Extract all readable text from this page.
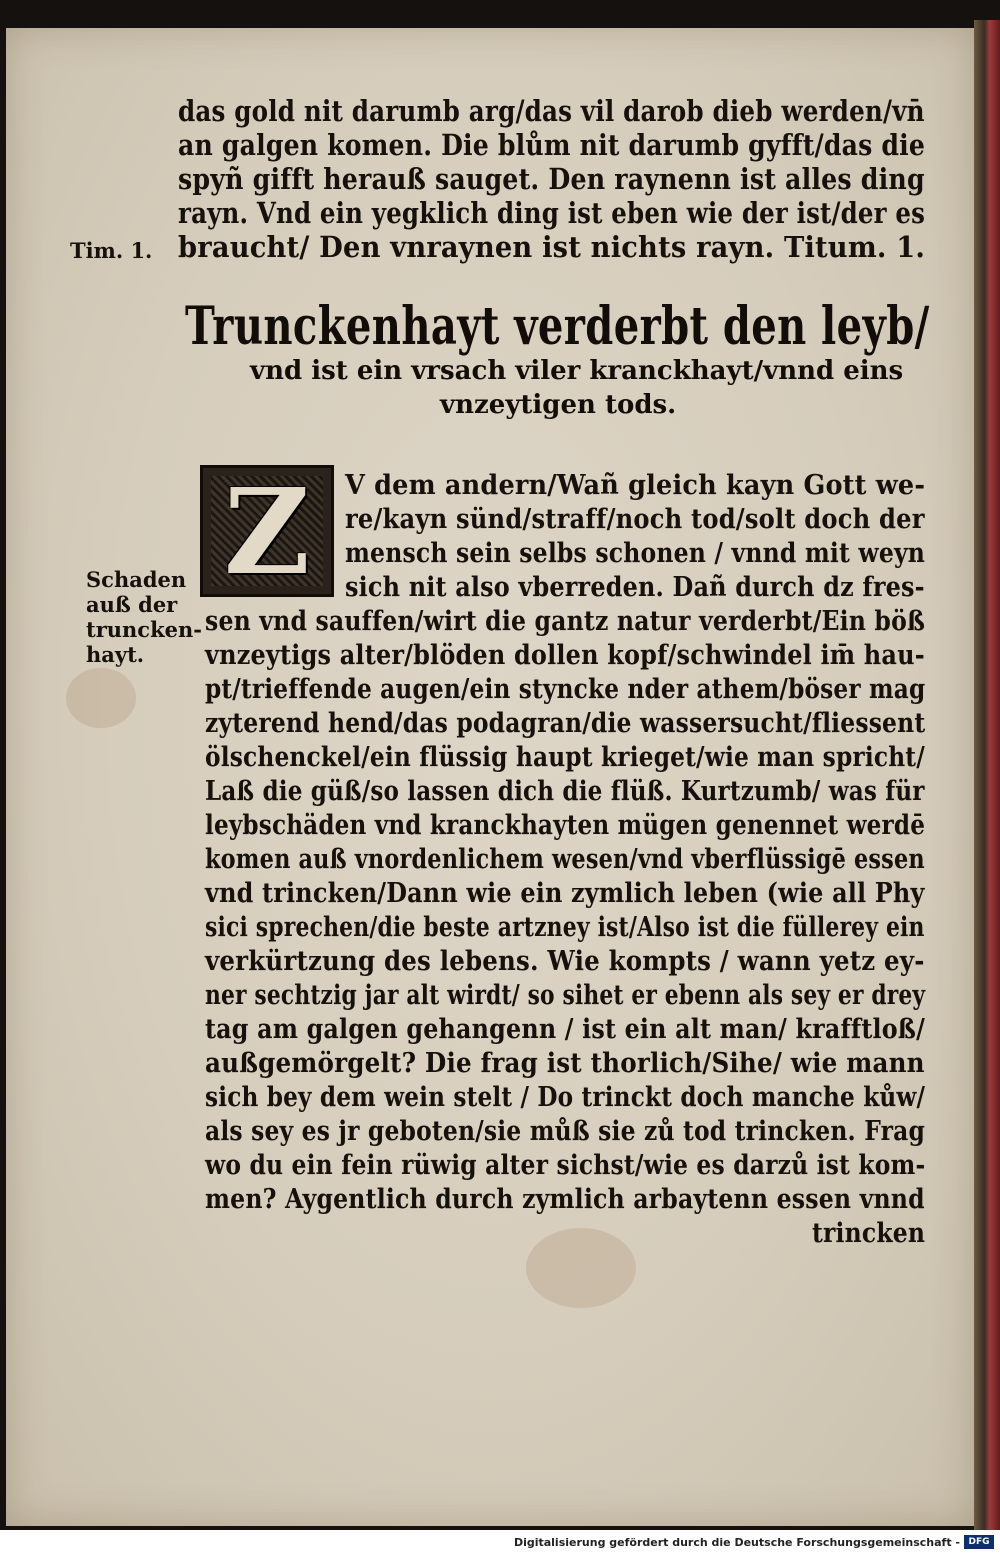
das gold nit darumb arg/das vil darob dieb werden/vn̄
an galgen komen. Die blům nit darumb gyfft/das die
spyñ gifft herauß sauget. Den raynenn ist alles ding
rayn. Vnd ein yegklich ding ist eben wie der ist/der es
braucht/ Den vnraynen ist nichts rayn. Titum. 1.
Tim. 1.
Trunckenhayt verderbt den leyb/
vnd ist ein vrsach viler kranckhayt/vnnd eins
vnzeytigen tods.
Z	V dem andern/Wañ gleich kayn Gott we-
re/kayn sünd/straff/noch tod/solt doch der
mensch sein selbs schonen / vnnd mit weyn
sich nit also vberreden. Dañ durch dz fres-
Schaden
auß der
truncken-
hayt.
sen vnd sauffen/wirt die gantz natur verderbt/Ein böß
vnzeytigs alter/blöden dollen kopf/schwindel im̄ hau-
pt/trieffende augen/ein styncke nder athem/böser mag
zyterend hend/das podagran/die wassersucht/fliessent
ölschenckel/ein flüssig haupt krieget/wie man spricht/
Laß die güß/so lassen dich die flüß. Kurtzumb/ was für
leybschäden vnd kranckhayten mügen genennet werdē
komen auß vnordenlichem wesen/vnd vberflüssigē essen
vnd trincken/Dann wie ein zymlich leben (wie all Phy
sici sprechen/die beste artzney ist/Also ist die füllerey ein
verkürtzung des lebens. Wie kompts / wann yetz ey-
ner sechtzig jar alt wirdt/ so sihet er ebenn als sey er drey
tag am galgen gehangenn / ist ein alt man/ krafftloß/
außgemörgelt? Die frag ist thorlich/Sihe/ wie mann
sich bey dem wein stelt / Do trinckt doch manche kůw/
als sey es jr geboten/sie můß sie zů tod trincken. Frag
wo du ein fein rüwig alter sichst/wie es darzů ist kom-
men? Aygentlich durch zymlich arbaytenn essen vnnd
trincken
Digitalisierung gefördert durch die Deutsche Forschungsgemeinschaft - DFG
